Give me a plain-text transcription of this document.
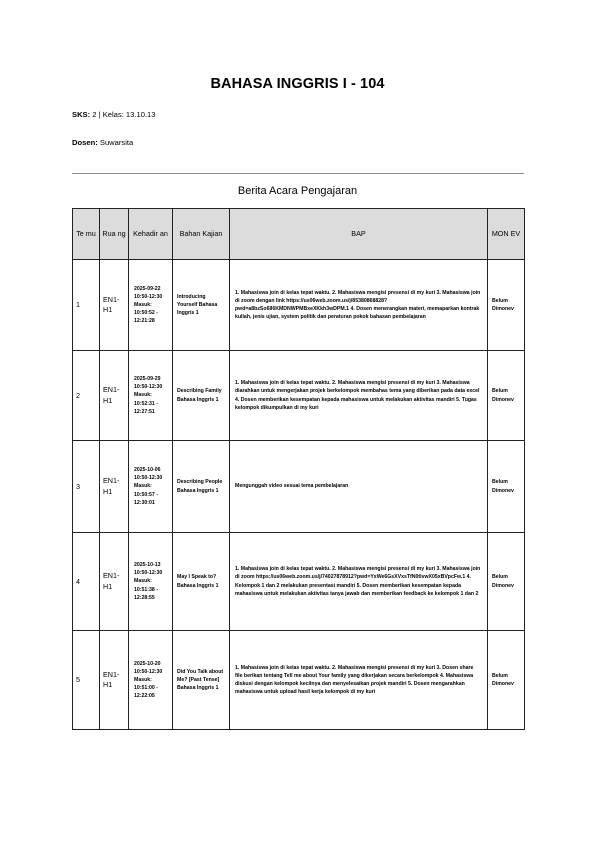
BAHASA INGGRIS I - 104
SKS: 2 | Kelas: 13.10.13
Dosen: Suwarsita
Berita Acara Pengajaran
Te mu	Rua ng	Kehadir an	Bahan Kajian	BAP	MON EV
1	EN1-H1	2025-09-22 10:50-12:30 Masuk: 10:50:52 - 12:21:28	Introducing Yourself Bahasa Inggris 1	1. Mahasiswa join di kelas tepat waktu. 2. Mahasiswa mengisi presensi di my kuri 3. Mahasiswa join di zoom dengan link https://us06web.zoom.us/j/85380868828?pwd=a8bzSo6Il6KMDNWPMBxeXKkh3wDPM.1 4. Dosen menerangkan materi, memaparkan kontrak kuliah, jenis ujian, system politik dan peraturan pokok bahasan pembelajaran	Belum Dimonev
2	EN1-H1	2025-09-29 10:50-12:30 Masuk: 10:52:31 - 12:27:51	Describing Family Bahasa Inggris 1	1. Mahasiswa join di kelas tepat waktu. 2. Mahasiswa mengisi presensi di my kuri 3. Mahasiswa diarahkan untuk mengerjakan projek berkelompok membahas tema yang diberikan pada data excel 4. Dosen memberikan kesempatan kepada mahasiswa untuk melakukan aktivitas mandiri 5. Tugas kelompok dikumpulkan di my kuri	Belum Dimonev
3	EN1-H1	2025-10-06 10:50-12:30 Masuk: 10:50:57 - 12:30:01	Describing People Bahasa Inggris 1	Mengunggah video sesuai tema pembelajaran	Belum Dimonev
4	EN1-H1	2025-10-13 10:50-12:30 Masuk: 10:51:38 - 12:28:55	May I Speak to? Bahasa Inggris 1	1. Mahasiswa join di kelas tepat waktu. 2. Mahasiswa mengisi presensi di my kuri 3. Mahasiswa join di zoom https://us06web.zoom.us/j/74027878912?pwd=YxWe6GsXVxsTfN0tlvwX05xBVpcFw.1 4. Kelompok 1 dan 2 melakukan presentasi mandiri 5. Dosen memberikan kesempatan kepada mahasiswa untuk melakukan aktivitas tanya jawab dan memberikan feedback ke kelompok 1 dan 2	Belum Dimonev
5	EN1-H1	2025-10-20 10:50-12:30 Masuk: 10:51:00 - 12:22:05	Did You Talk about Me? [Past Tense] Bahasa Inggris 1	1. Mahasiswa join di kelas tepat waktu. 2. Mahasiswa mengisi presensi di my kuri 3. Dosen share file berikan tentang Tell me about Your family yang dikerjakan secara berkelompok 4. Mahasiswa diskusi dengan kelompok kecilnya dan menyelesaikan projek mandiri 5. Dosen mengarahkan mahasiswa untuk upload hasil kerja kelompok di my kuri	Belum Dimonev
